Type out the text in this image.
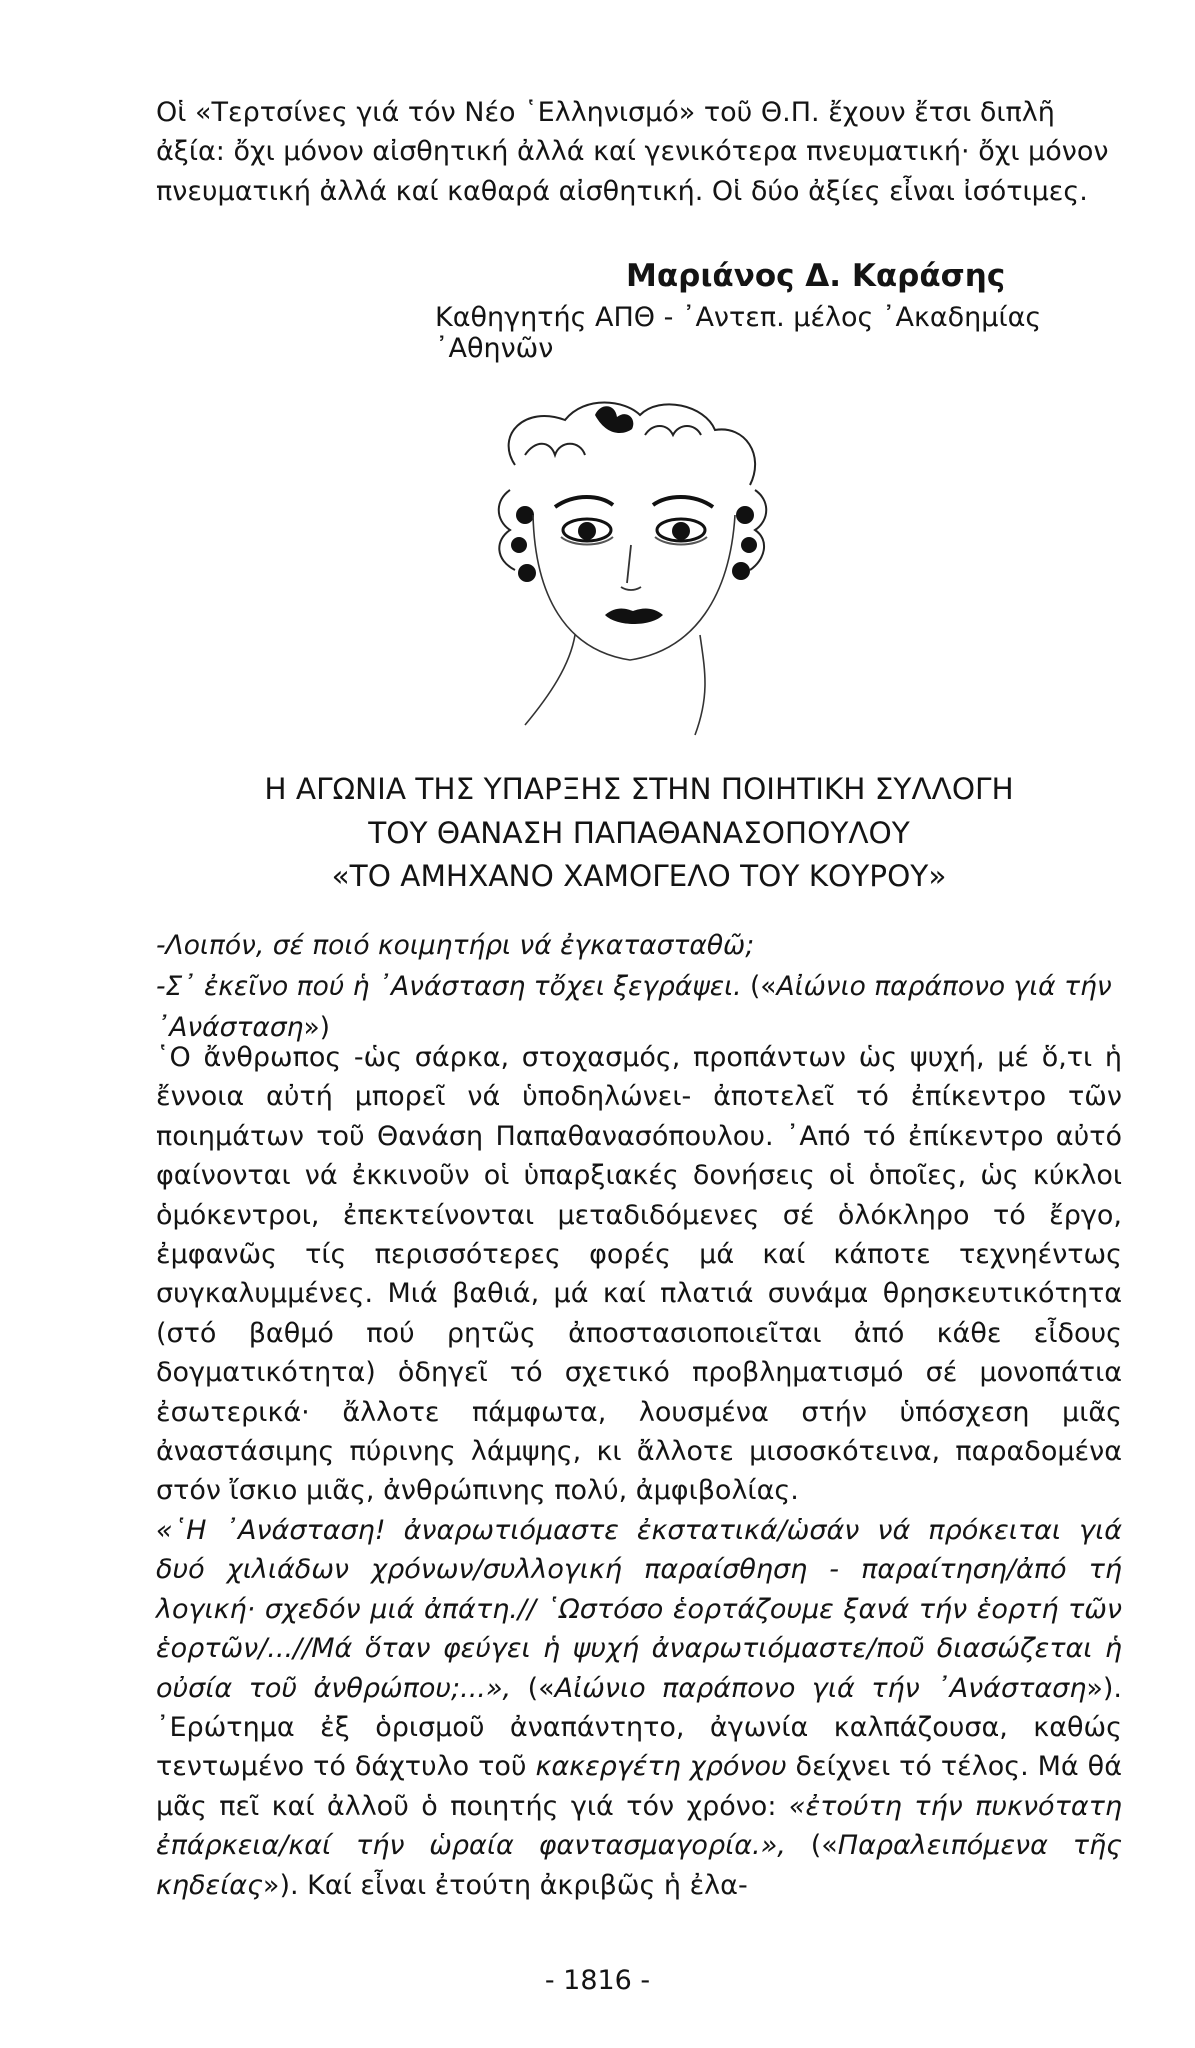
Οἱ «Τερτσίνες γιά τόν Νέο ῾Ελληνισμό» τοῦ Θ.Π. ἔχουν ἔτσι διπλῆ ἀξία: ὄχι μόνον αἰσθητική ἀλλά καί γενικότερα πνευματική· ὄχι μόνον πνευματική ἀλλά καί καθαρά αἰσθητική. Οἱ δύο ἀξίες εἶναι ἰσότιμες.

Μαριάνος Δ. Καράσης
Καθηγητής ΑΠΘ - ᾽Αντεπ. μέλος ᾽Ακαδημίας ᾽Αθηνῶν
Η ΑΓΩΝΙΑ ΤΗΣ ΥΠΑΡΞΗΣ ΣΤΗΝ ΠΟΙΗΤΙΚΗ ΣΥΛΛΟΓΗ
ΤΟΥ ΘΑΝΑΣΗ ΠΑΠΑΘΑΝΑΣΟΠΟΥΛΟΥ
«ΤΟ ΑΜΗΧΑΝΟ ΧΑΜΟΓΕΛΟ ΤΟΥ ΚΟΥΡΟΥ»
-Λοιπόν, σέ ποιό κοιμητήρι νά ἐγκατασταθῶ;
-Σ᾽ ἐκεῖνο πού ἡ ᾽Ανάσταση τὄχει ξεγράψει. («Αἰώνιο παράπονο γιά τήν ᾽Ανάσταση»)

῾Ο ἄνθρωπος -ὡς σάρκα, στοχασμός, προπάντων ὡς ψυχή, μέ ὅ,τι ἡ ἔννοια αὐτή μπορεῖ νά ὑποδηλώνει- ἀποτελεῖ τό ἐπίκεντρο τῶν ποιημάτων τοῦ Θανάση Παπαθανασόπουλου. ᾽Από τό ἐπίκεντρο αὐτό φαίνονται νά ἐκκινοῦν οἱ ὑπαρξιακές δονήσεις οἱ ὁποῖες, ὡς κύκλοι ὁμόκεντροι, ἐπεκτείνονται μεταδιδόμενες σέ ὁλόκληρο τό ἔργο, ἐμφανῶς τίς περισσότερες φορές μά καί κάποτε τεχνηέντως συγκαλυμμένες. Μιά βαθιά, μά καί πλατιά συνάμα θρησκευτικότητα (στό βαθμό πού ρητῶς ἀποστασιοποιεῖται ἀπό κάθε εἶδους δογματικότητα) ὁδηγεῖ τό σχετικό προβληματισμό σέ μονοπάτια ἐσωτερικά· ἄλλοτε πάμφωτα, λουσμένα στήν ὑπόσχεση μιᾶς ἀναστάσιμης πύρινης λάμψης, κι ἄλλοτε μισοσκότεινα, παραδομένα στόν ἴσκιο μιᾶς, ἀνθρώπινης πολύ, ἀμφιβολίας.
«῾Η ᾽Ανάσταση! ἀναρωτιόμαστε ἐκστατικά/ὡσάν νά πρόκειται γιά δυό χιλιάδων χρόνων/συλλογική παραίσθηση - παραίτηση/ἀπό τή λογική· σχεδόν μιά ἀπάτη.// ῾Ωστόσο ἑορτάζουμε ξανά τήν ἑορτή τῶν ἑορτῶν/...//Μά ὅταν φεύγει ἡ ψυχή ἀναρωτιόμαστε/ποῦ διασώζεται ἡ οὐσία τοῦ ἀνθρώπου;...», («Αἰώνιο παράπονο γιά τήν ᾽Ανάσταση»). ᾽Ερώτημα ἐξ ὁρισμοῦ ἀναπάντητο, ἀγωνία καλπάζουσα, καθώς τεντωμένο τό δάχτυλο τοῦ κακεργέτη χρόνου δείχνει τό τέλος. Μά θά μᾶς πεῖ καί ἀλλοῦ ὁ ποιητής γιά τόν χρόνο: «ἐτούτη τήν πυκνότατη ἐπάρκεια/καί τήν ὡραία φαντασμαγορία.», («Παραλειπόμενα τῆς κηδείας»). Καί εἶναι ἐτούτη ἀκριβῶς ἡ ἐλα-

- 1816 -
